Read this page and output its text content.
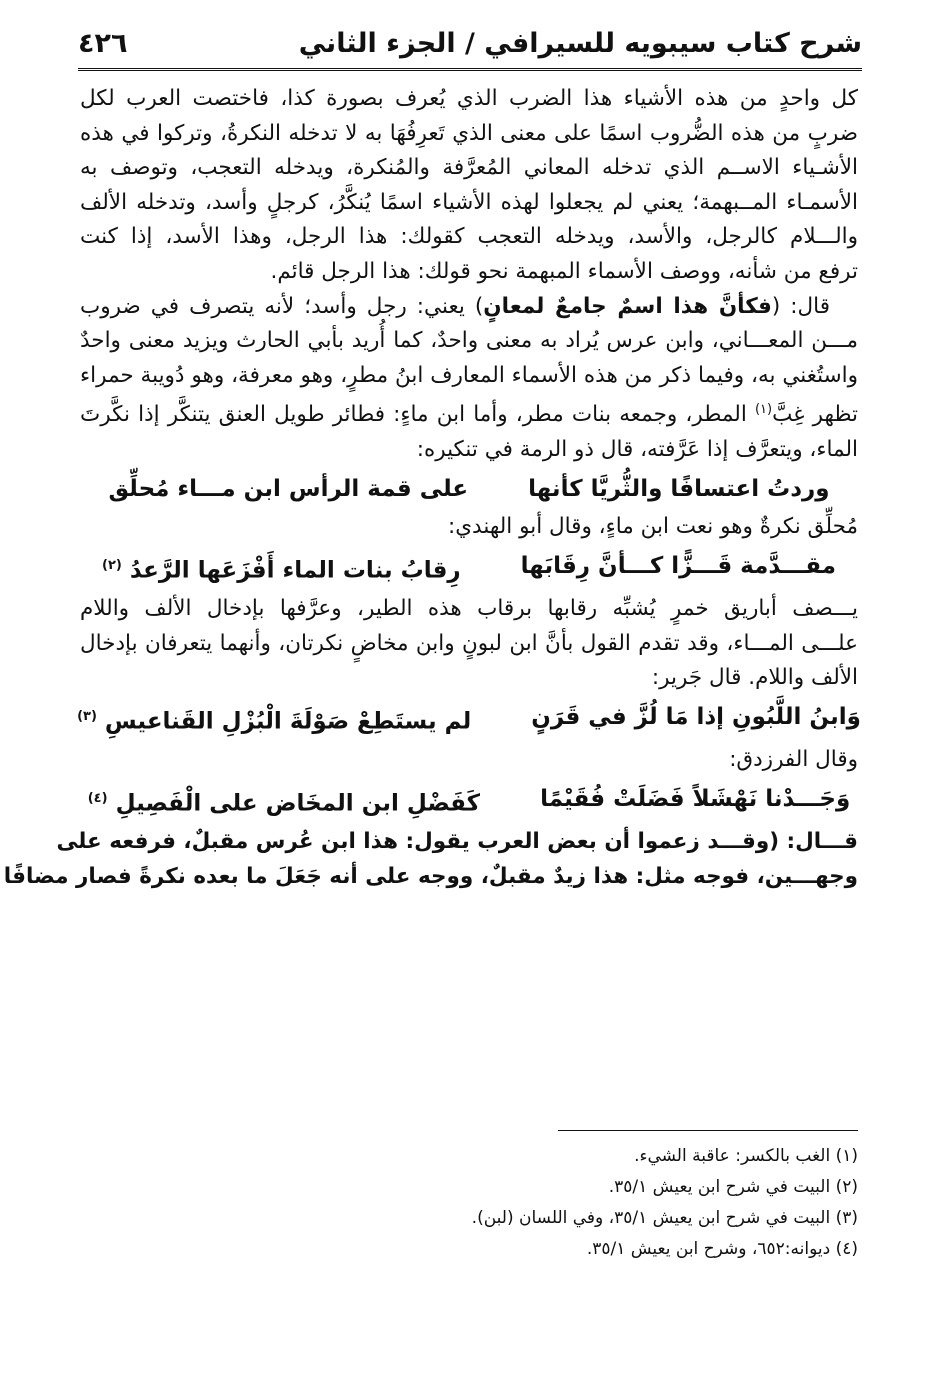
شرح كتاب سيبويه للسيرافي / الجزء الثاني
٤٢٦

كل واحدٍ من هذه الأشياء هذا الضرب الذي يُعرف بصورة كذا، فاختصت العرب لكل
ضربٍ من هذه الضُّروب اسمًا على معنى الذي تَعرِفُهَا به لا تدخله النكرةُ، وتركوا في هذه
الأشـياء الاســم الذي تدخله المعاني المُعرَّفة والمُنكرة، ويدخله التعجب، وتوصف به
الأسمـاء المــبهمة؛ يعني لم يجعلوا لهذه الأشياء اسمًا يُنكَّرُ، كرجلٍ وأسد، وتدخله الألف
والـــلام كالرجل، والأسد، ويدخله التعجب كقولك: هذا الرجل، وهذا الأسد، إذا كنت
ترفع من شأنه، ووصف الأسماء المبهمة نحو قولك: هذا الرجل قائم.

قال: (فكأنَّ هذا اسمٌ جامعٌ لمعانٍ) يعني: رجل وأسد؛ لأنه يتصرف في ضروب
مـــن المعـــاني، وابن عرس يُراد به معنى واحدٌ، كما أُريد بأبي الحارث ويزيد معنى واحدٌ
واستُغني به، وفيما ذكر من هذه الأسماء المعارف ابنُ مطرٍ، وهو معرفة، وهو دُويبة حمراء
تظهر غِبَّ$^{(١)}$ المطر، وجمعه بنات مطر، وأما ابن ماءٍ: فطائر طويل العنق يتنكَّر إذا نكَّرتَ
الماء، ويتعرَّف إذا عَرَّفته، قال ذو الرمة في تنكيره:

وردتُ اعتسافًا والثُّريَّا كأنها
على قمة الرأس ابن مـــاء مُحلِّق
مُحلِّق نكرةٌ وهو نعت ابن ماءٍ، وقال أبو الهندي:
مقـــدَّمة قَـــزًّا كـــأنَّ رِقَابَها
رِقابُ بنات الماء أَفْزَعَها الرَّعدُ $^{(٢)}$

يـــصف أباريق خمرٍ يُشبِّه رقابها برقاب هذه الطير، وعرَّفها بإدخال الألف واللام
علـــى المـــاء، وقد تقدم القول بأنَّ ابن لبونٍ وابن مخاضٍ نكرتان، وأنهما يتعرفان بإدخال
الألف واللام. قال جَرير:

وَابنُ اللَّبُونِ إذا مَا لُزَّ في قَرَنٍ
لم يستَطِعْ صَوْلَةَ الْبُزْلِ القَناعيسِ $^{(٣)}$
وقال الفرزدق:
وَجَـــدْنا نَهْشَلاً فَضَلَتْ فُقَيْمًا
كَفَضْلِ ابن المخَاض على الْفَصِيلِ $^{(٤)}$

قـــال: (وقـــد زعموا أن بعض العرب يقول: هذا ابن عُرس مقبلٌ، فرفعه على
وجهـــين، فوجه مثل: هذا زيدٌ مقبلٌ، ووجه على أنه جَعَلَ ما بعده نكرةً فصار مضافًا

(١) الغب بالكسر: عاقبة الشيء.
(٢) البيت في شرح ابن يعيش ٣٥/١.
(٣) البيت في شرح ابن يعيش ٣٥/١، وفي اللسان (لبن).
(٤) ديوانه:٦٥٢، وشرح ابن يعيش ٣٥/١.
